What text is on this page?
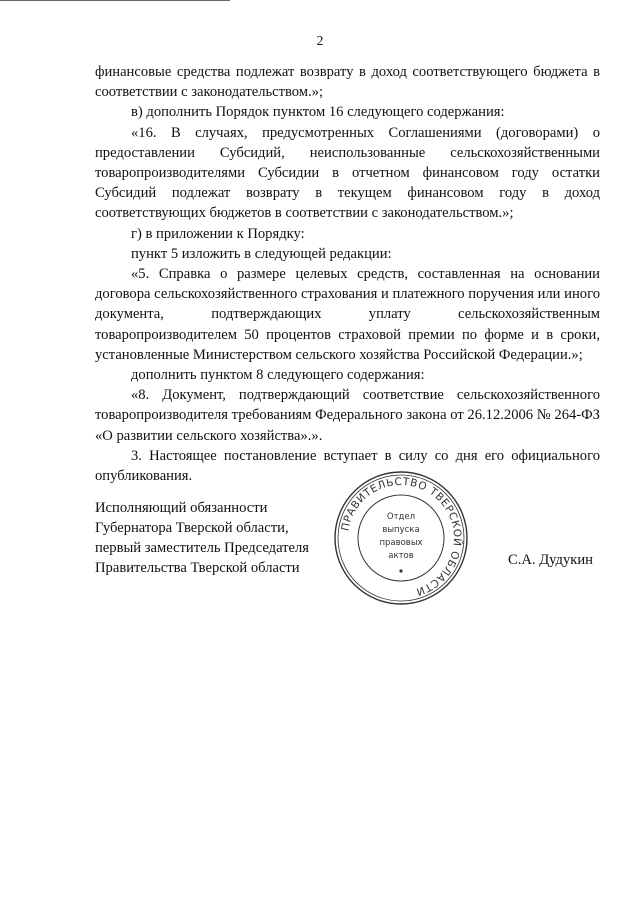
2

финансовые средства подлежат возврату в доход соответствующего бюджета в соответствии с законодательством.»;

в) дополнить Порядок пунктом 16 следующего содержания:

«16. В случаях, предусмотренных Соглашениями (договорами) о предоставлении Субсидий, неиспользованные сельскохозяйственными товаропроизводителями Субсидии в отчетном финансовом году остатки Субсидий подлежат возврату в текущем финансовом году в доход соответствующих бюджетов в соответствии с законодательством.»;

г) в приложении к Порядку:

пункт 5 изложить в следующей редакции:

«5. Справка о размере целевых средств, составленная на основании договора сельскохозяйственного страхования и платежного поручения или иного документа, подтверждающих уплату сельскохозяйственным товаропроизводителем 50 процентов страховой премии по форме и в сроки, установленные Министерством сельского хозяйства Российской Федерации.»;

дополнить пунктом 8 следующего содержания:

«8. Документ, подтверждающий соответствие сельскохозяйственного товаропроизводителя требованиям Федерального закона от 26.12.2006 № 264-ФЗ «О развитии сельского хозяйства».».

3. Настоящее постановление вступает в силу со дня его официального опубликования.

Исполняющий обязанности
Губернатора Тверской области,
первый заместитель Председателя
Правительства Тверской области
ПРАВИТЕЛЬСТВО ТВЕРСКОЙ ОБЛАСТИ
Отдел
выпуска
правовых
актов	С.А. Дудукин
